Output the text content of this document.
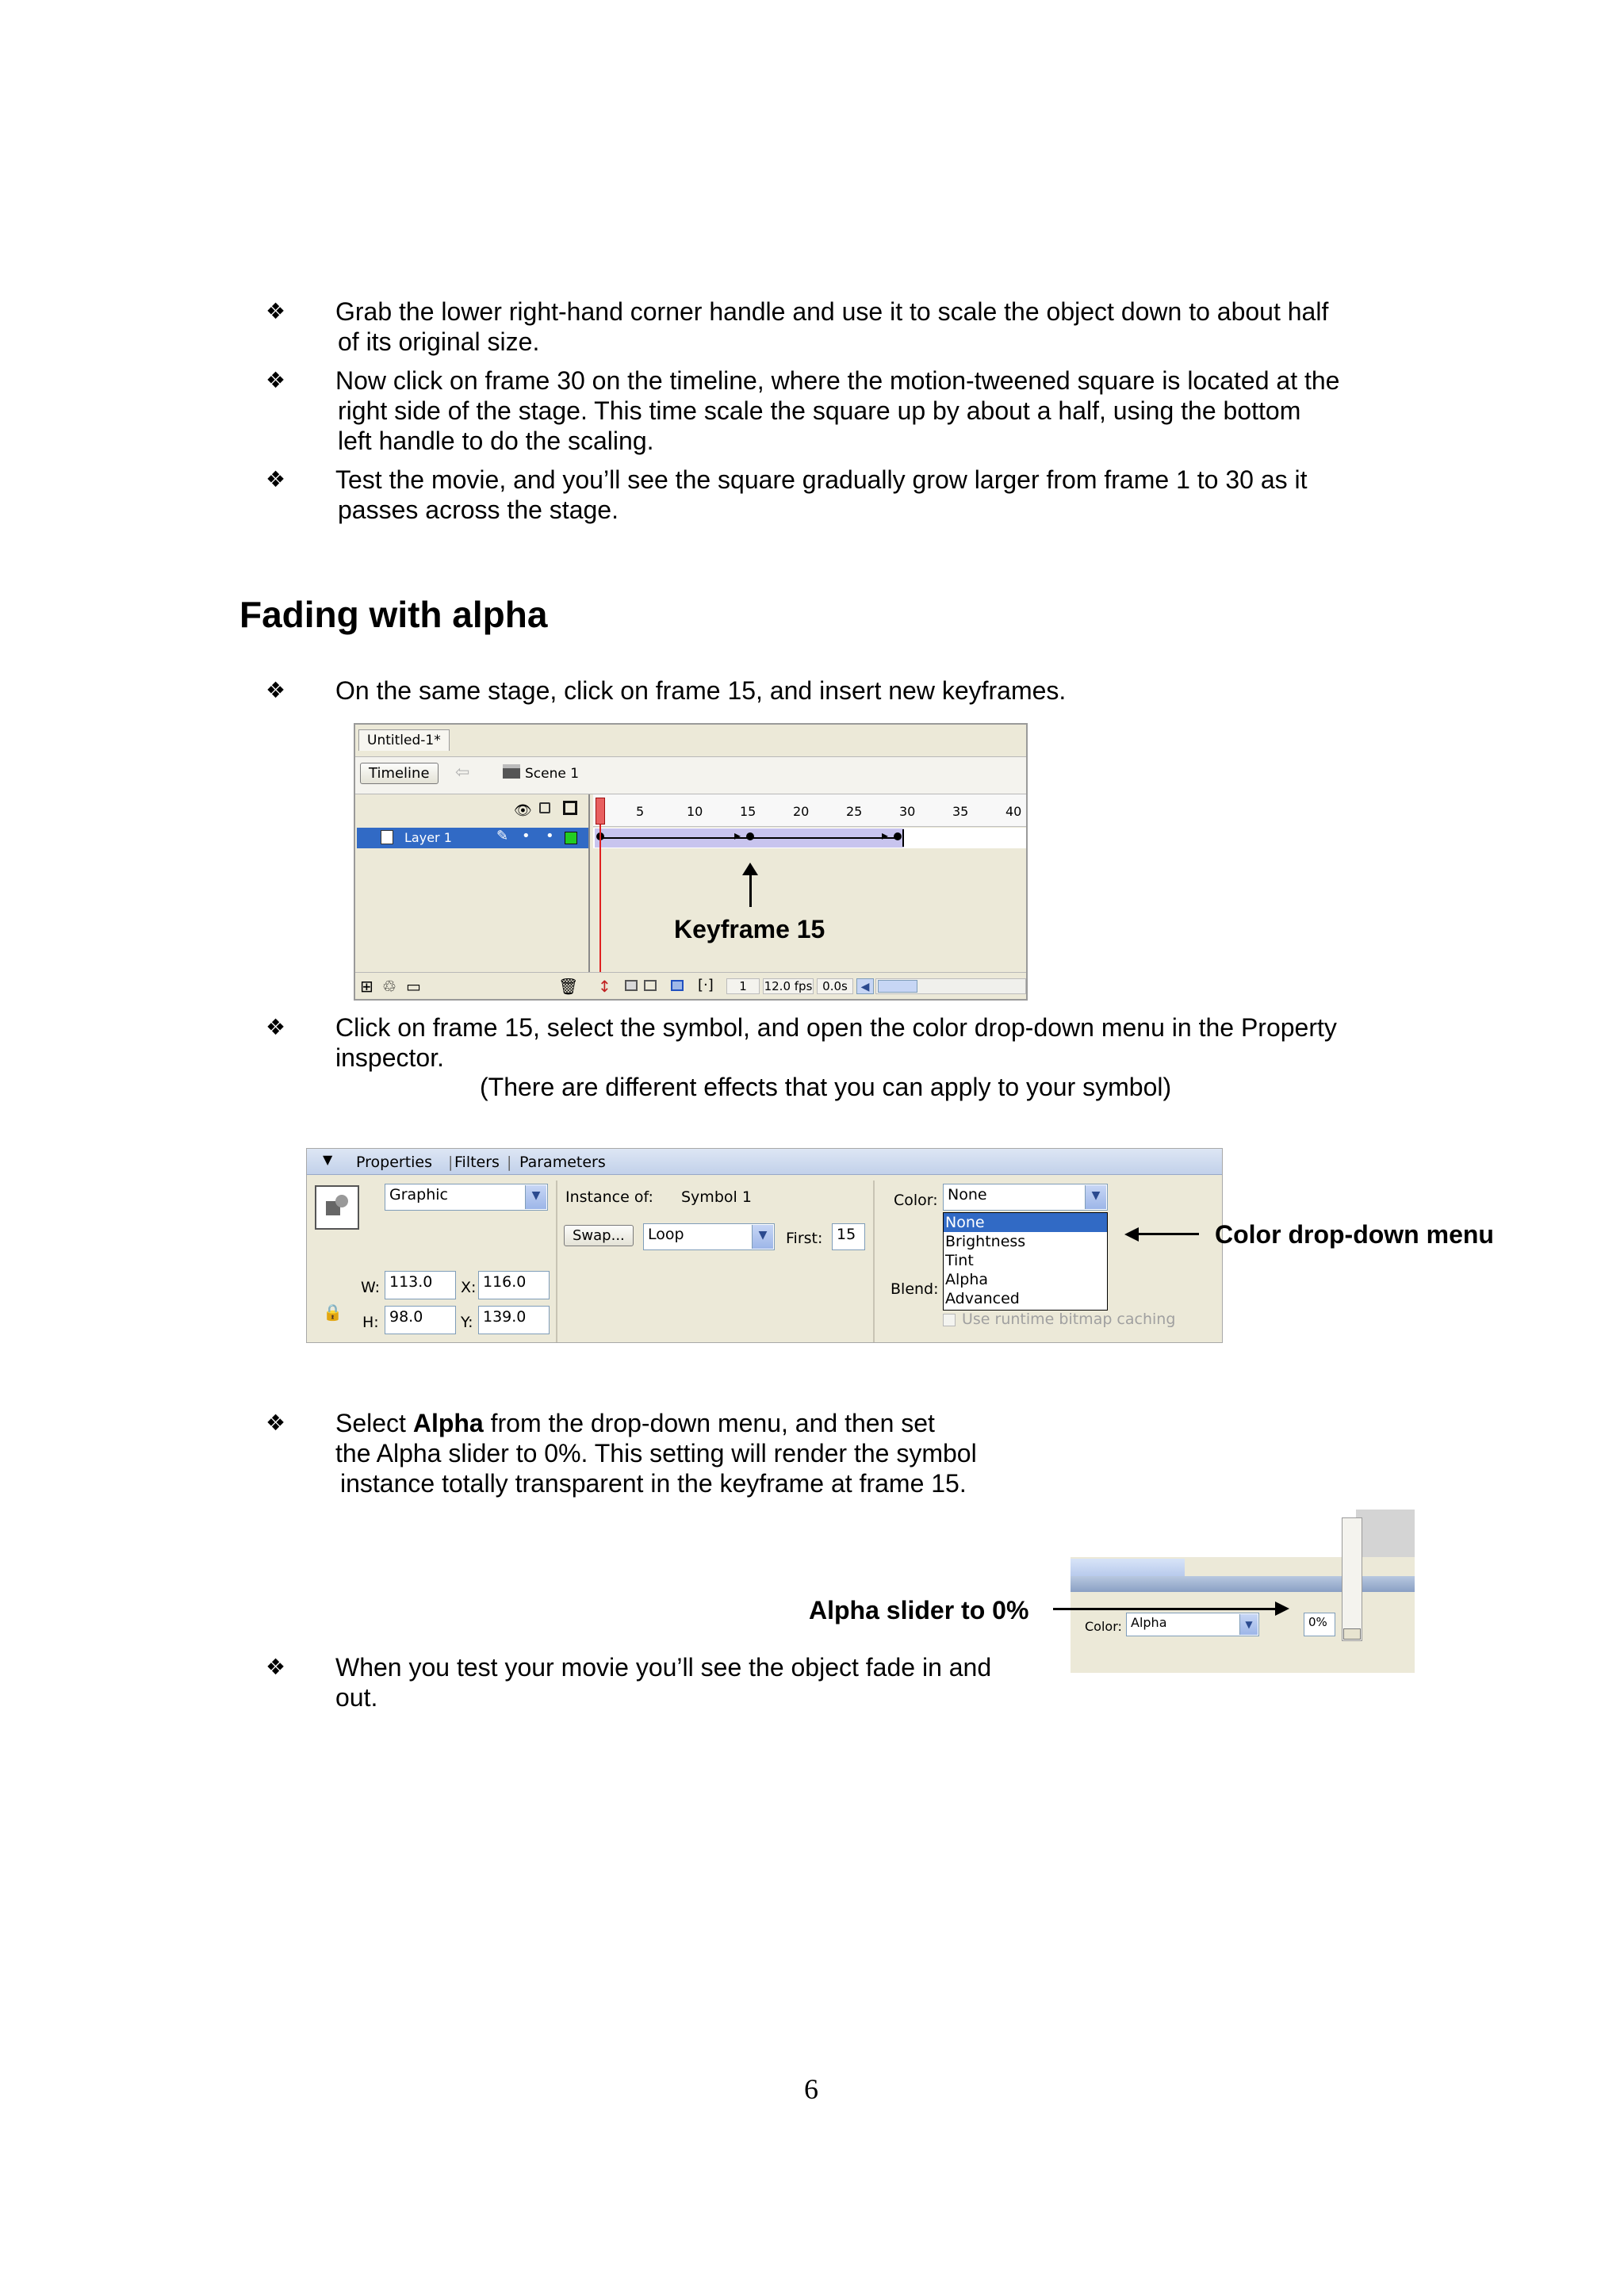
❖ Grab the lower right-hand corner handle and use it to scale the object down to about half
of its original size.
❖ Now click on frame 30 on the timeline, where the motion-tweened square is located at the
right side of the stage. This time scale the square up by about a half, using the bottom
left handle to do the scaling.
❖ Test the movie, and you’ll see the square gradually grow larger from frame 1 to 30 as it
passes across the stage.
Fading with alpha
❖ On the same stage, click on frame 15, and insert new keyframes.
Untitled-1*
Timeline	⇦	Scene 1
👁	5	10	15	20	25	30	35	40
Layer 1	✎ • •	▸	▸
Keyframe 15
⊞ ♲ ▭	🗑 ↕	[·]	1	12.0 fps 0.0s	◀
❖ Click on frame 15, select the symbol, and open the color drop-down menu in the Property
inspector.
(There are different effects that you can apply to your symbol)
▼ Properties | Filters | Parameters
Graphic	▼	Instance of: Symbol 1
Swap...	Loop	▼	First: 15
Color: None	▼
None
Brightness
Tint
Alpha
Advanced
Blend:
Use runtime bitmap caching
🔒
W: 113.0	X: 116.0
H: 98.0	Y: 139.0
Color drop-down menu
❖ Select Alpha from the drop-down menu, and then set
the Alpha slider to 0%. This setting will render the symbol
instance totally transparent in the keyframe at frame 15.
Color: Alpha	▼	0%
Alpha slider to 0%
❖ When you test your movie you’ll see the object fade in and
out.
6
